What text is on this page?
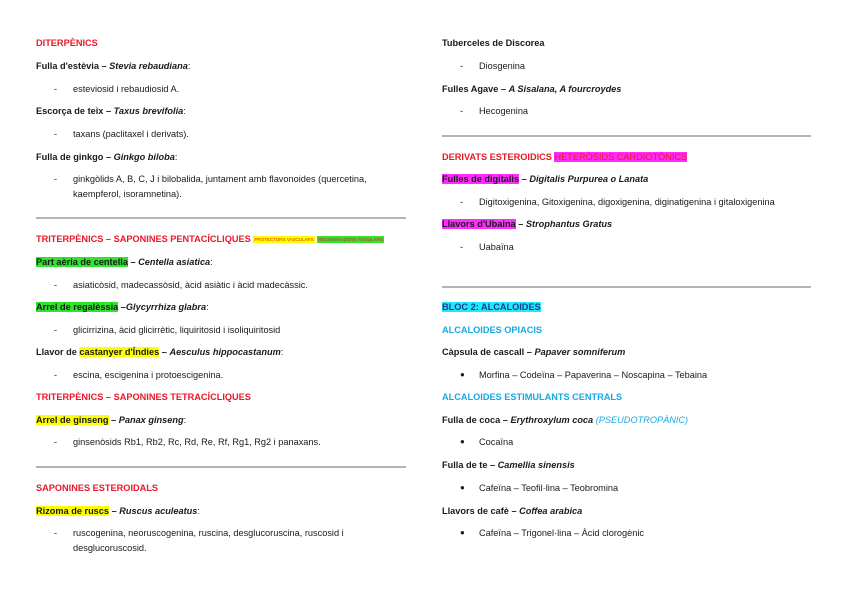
DITERPÈNICS
Fulla d'estèvia – Stevia rebaudiana:
- esteviosid i rebaudiosid A.
Escorça de teix – Taxus brevifolia:
- taxans (paclitaxel i derivats).
Fulla de ginkgo – Ginkgo biloba:
- ginkgòlids A, B, C, J i bilobalida, juntament amb flavonoides (quercetina,
kaempferol, isoramnetina).
TRITERPÈNICS – SAPONINES PENTACÍCLIQUES PROTECTORS VASCULARS REGENERADORS TISSULARS
Part aèria de centella – Centella asiatica:
- asiaticòsid, madecassòsid, àcid asiàtic i àcid madecàssic.
Arrel de regalèssia –Glycyrrhiza glabra:
- glicirrizina, àcid glicirrètic, liquiritosid i isoliquiritosid
Llavor de castanyer d'Índies – Aesculus hippocastanum:
- escina, escigenina i protoescigenina.
TRITERPÈNICS – SAPONINES TETRACÍCLIQUES
Arrel de ginseng – Panax ginseng:
- ginsenòsids Rb1, Rb2, Rc, Rd, Re, Rf, Rg1, Rg2 i panaxans.
SAPONINES ESTEROIDALS
Rizoma de ruscs – Ruscus aculeatus:
- ruscogenina, neoruscogenina, ruscina, desglucoruscina, ruscosid i
desglucoruscosid.
Tuberceles de Discorea
- Diosgenina
Fulles Agave – A Sisalana, A fourcroydes
- Hecogenina
DERIVATS ESTEROIDICS HETERÒSIDS CARDIOTÒNICS
Fulles de digitalis – Digitalis Purpurea o Lanata
- Digitoxigenina, Gitoxigenina, digoxigenina, diginatigenina i gitaloxigenina
Llavors d'Ubaina – Strophantus Gratus
- Uabaïna
BLOC 2: ALCALOIDES
ALCALOIDES OPIACIS
Càpsula de cascall – Papaver somniferum
● Morfina – Codeïna – Papaverina – Noscapina – Tebaina
ALCALOIDES ESTIMULANTS CENTRALS
Fulla de coca – Erythroxylum coca (PSEUDOTROPÀNIC)
● Cocaïna
Fulla de te – Camellia sinensis
● Cafeïna – Teofil·lina – Teobromina
Llavors de cafè – Coffea arabica
● Cafeïna – Trigonel·lina – Àcid clorogènic
